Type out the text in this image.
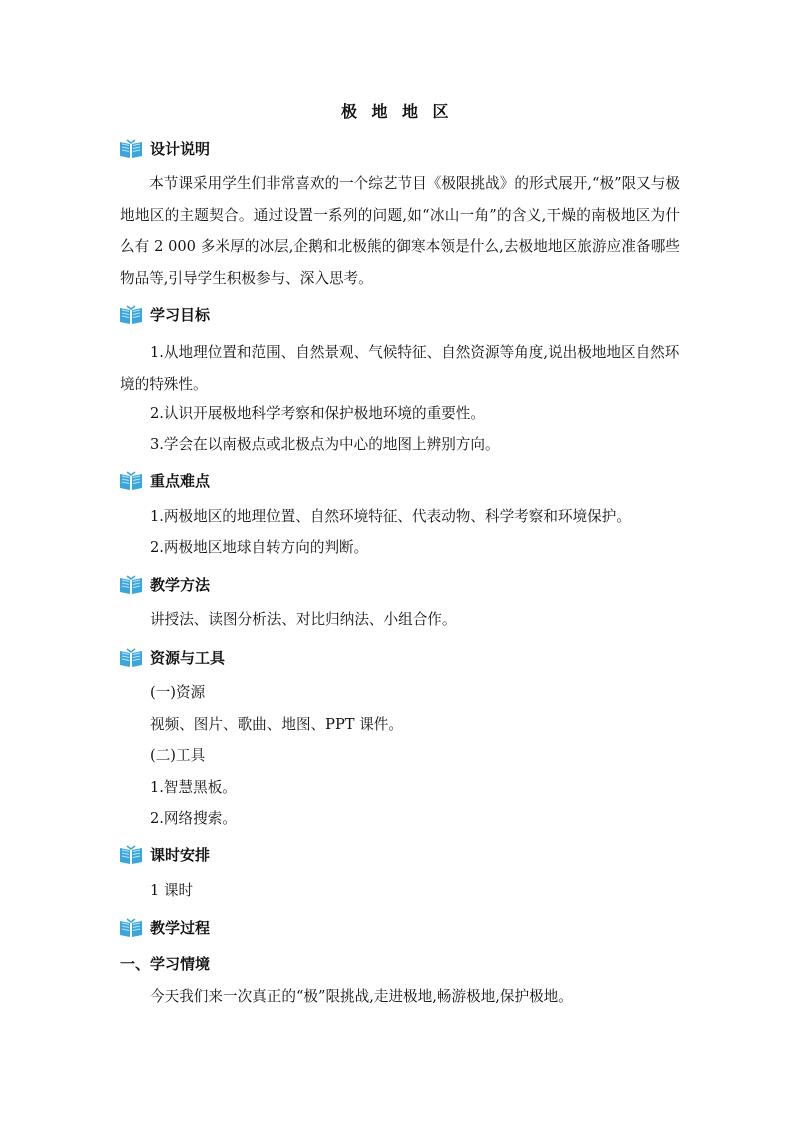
极 地 地 区
设计说明

本节课采用学生们非常喜欢的一个综艺节目《极限挑战》的形式展开,“极”限又与极地地区的主题契合。通过设置一系列的问题,如“冰山一角”的含义,干燥的南极地区为什么有 2 000 多米厚的冰层,企鹅和北极熊的御寒本领是什么,去极地地区旅游应准备哪些物品等,引导学生积极参与、深入思考。

学习目标

1.从地理位置和范围、自然景观、气候特征、自然资源等角度,说出极地地区自然环境的特殊性。

2.认识开展极地科学考察和保护极地环境的重要性。
3.学会在以南极点或北极点为中心的地图上辨别方向。
重点难点
1.两极地区的地理位置、自然环境特征、代表动物、科学考察和环境保护。
2.两极地区地球自转方向的判断。
教学方法
讲授法、读图分析法、对比归纳法、小组合作。
资源与工具
(一)资源
视频、图片、歌曲、地图、PPT 课件。
(二)工具
1.智慧黑板。
2.网络搜索。
课时安排
1 课时
教学过程
一、学习情境
今天我们来一次真正的“极”限挑战,走进极地,畅游极地,保护极地。
